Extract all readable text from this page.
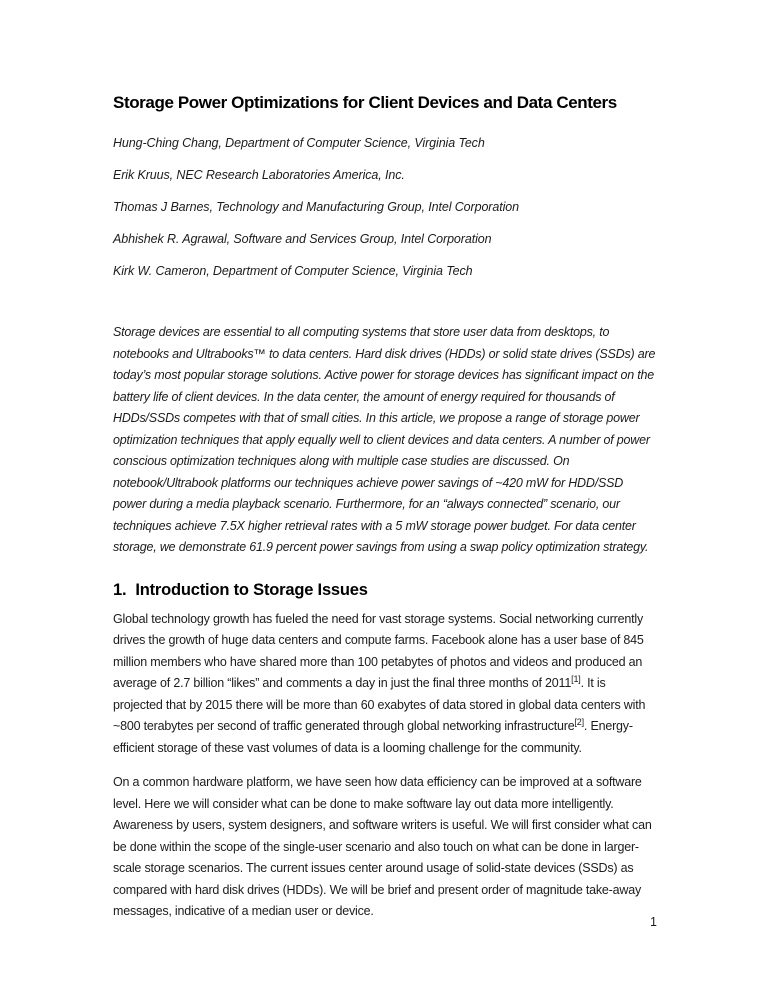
Storage Power Optimizations for Client Devices and Data Centers

Hung-Ching Chang, Department of Computer Science, Virginia Tech

Erik Kruus, NEC Research Laboratories America, Inc.

Thomas J Barnes, Technology and Manufacturing Group, Intel Corporation

Abhishek R. Agrawal, Software and Services Group, Intel Corporation

Kirk W. Cameron, Department of Computer Science, Virginia Tech

Storage devices are essential to all computing systems that store user data from desktops, to notebooks and Ultrabooks™ to data centers. Hard disk drives (HDDs) or solid state drives (SSDs) are today’s most popular storage solutions. Active power for storage devices has significant impact on the battery life of client devices. In the data center, the amount of energy required for thousands of HDDs/SSDs competes with that of small cities. In this article, we propose a range of storage power optimization techniques that apply equally well to client devices and data centers. A number of power conscious optimization techniques along with multiple case studies are discussed. On notebook/Ultrabook platforms our techniques achieve power savings of ~420 mW for HDD/SSD power during a media playback scenario. Furthermore, for an “always connected” scenario, our techniques achieve 7.5X higher retrieval rates with a 5 mW storage power budget. For data center storage, we demonstrate 61.9 percent power savings from using a swap policy optimization strategy.

1. Introduction to Storage Issues

Global technology growth has fueled the need for vast storage systems. Social networking currently drives the growth of huge data centers and compute farms. Facebook alone has a user base of 845 million members who have shared more than 100 petabytes of photos and videos and produced an average of 2.7 billion “likes” and comments a day in just the final three months of 2011[1]. It is projected that by 2015 there will be more than 60 exabytes of data stored in global data centers with ~800 terabytes per second of traffic generated through global networking infrastructure[2]. Energy-efficient storage of these vast volumes of data is a looming challenge for the community.

On a common hardware platform, we have seen how data efficiency can be improved at a software level. Here we will consider what can be done to make software lay out data more intelligently. Awareness by users, system designers, and software writers is useful. We will first consider what can be done within the scope of the single-user scenario and also touch on what can be done in larger-scale storage scenarios. The current issues center around usage of solid-state devices (SSDs) as compared with hard disk drives (HDDs). We will be brief and present order of magnitude take-away messages, indicative of a median user or device.

1
